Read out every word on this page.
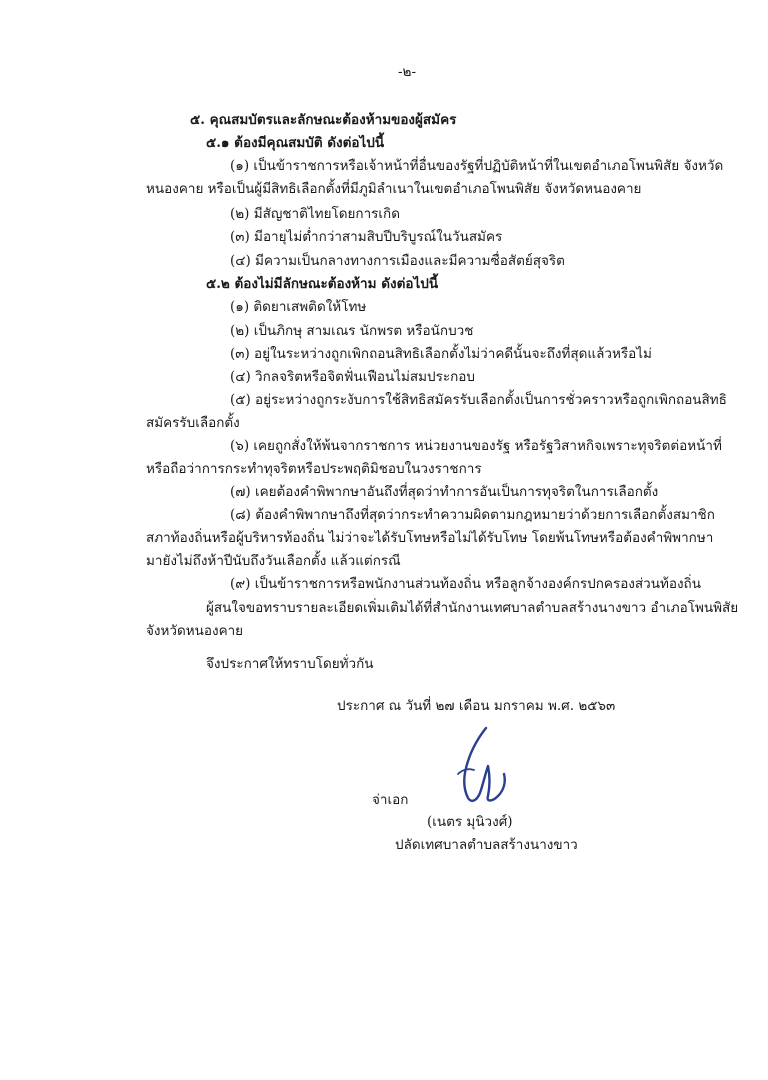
-๒-
๕. คุณสมบัตรและลักษณะต้องห้ามของผู้สมัคร
๕.๑ ต้องมีคุณสมบัติ ดังต่อไปนี้
(๑) เป็นข้าราชการหรือเจ้าหน้าที่อื่นของรัฐที่ปฏิบัติหน้าที่ในเขตอำเภอโพนพิสัย จังหวัด
หนองคาย หรือเป็นผู้มีสิทธิเลือกตั้งที่มีภูมิลำเนาในเขตอำเภอโพนพิสัย จังหวัดหนองคาย
(๒) มีสัญชาติไทยโดยการเกิด
(๓) มีอายุไม่ต่ำกว่าสามสิบปีบริบูรณ์ในวันสมัคร
(๔) มีความเป็นกลางทางการเมืองและมีความซื่อสัตย์สุจริต
๕.๒ ต้องไม่มีลักษณะต้องห้าม ดังต่อไปนี้
(๑) ติดยาเสพติดให้โทษ
(๒) เป็นภิกษุ สามเณร นักพรต หรือนักบวช
(๓) อยู่ในระหว่างถูกเพิกถอนสิทธิเลือกตั้งไม่ว่าคดีนั้นจะถึงที่สุดแล้วหรือไม่
(๔) วิกลจริตหรือจิตฟั่นเฟือนไม่สมประกอบ
(๕) อยู่ระหว่างถูกระงับการใช้สิทธิสมัครรับเลือกตั้งเป็นการชั่วคราวหรือถูกเพิกถอนสิทธิ
สมัครรับเลือกตั้ง
(๖) เคยถูกสั่งให้พ้นจากราชการ หน่วยงานของรัฐ หรือรัฐวิสาหกิจเพราะทุจริตต่อหน้าที่
หรือถือว่าการกระทำทุจริตหรือประพฤติมิชอบในวงราชการ
(๗) เคยต้องคำพิพากษาอันถึงที่สุดว่าทำการอันเป็นการทุจริตในการเลือกตั้ง
(๘) ต้องคำพิพากษาถึงที่สุดว่ากระทำความผิดตามกฎหมายว่าด้วยการเลือกตั้งสมาชิก
สภาท้องถิ่นหรือผู้บริหารท้องถิ่น ไม่ว่าจะได้รับโทษหรือไม่ได้รับโทษ โดยพ้นโทษหรือต้องคำพิพากษา
มายังไม่ถึงห้าปีนับถึงวันเลือกตั้ง แล้วแต่กรณี
(๙) เป็นข้าราชการหรือพนักงานส่วนท้องถิ่น หรือลูกจ้างองค์กรปกครองส่วนท้องถิ่น
ผู้สนใจขอทราบรายละเอียดเพิ่มเติมได้ที่สำนักงานเทศบาลตำบลสร้างนางขาว อำเภอโพนพิสัย
จังหวัดหนองคาย
จึงประกาศให้ทราบโดยทั่วกัน
ประกาศ ณ วันที่ ๒๗ เดือน มกราคม พ.ศ. ๒๕๖๓
จ่าเอก
(เนตร มุนิวงศ์)
ปลัดเทศบาลตำบลสร้างนางขาว
